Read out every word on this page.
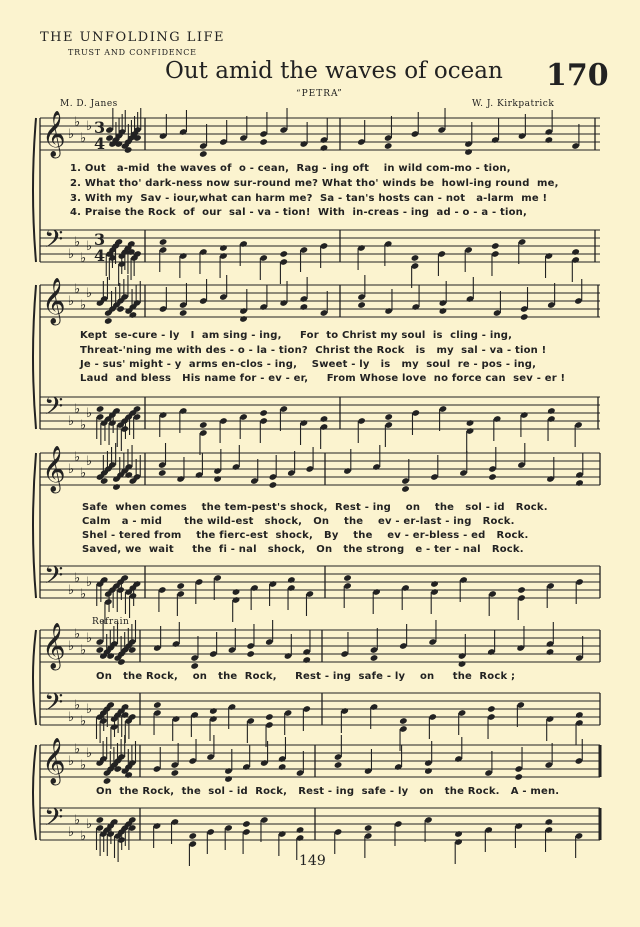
THE UNFOLDING LIFE
TRUST AND CONFIDENCE
Out amid the waves of ocean 170
“PETRA”
M. D. Janes	W. J. Kirkpatrick
𝄞
𝄢
♭
♭
♭
♭
♭
♭
♭
♭
3
4
3
4
𝄞
𝄢
♭
♭
♭
♭
♭
♭
♭
♭
𝄞
𝄢
♭
♭
♭
♭
♭
♭
♭
♭
𝄞
𝄢
♭
♭
♭
♭
♭
♭
♭
♭
𝄞
𝄢
♭
♭
♭
♭
♭
♭
♭
♭
1. Out   a-mid  the waves of  o - cean,  Rag - ing oft    in wild com-mo - tion,
2. What tho' dark-ness now sur-round me? What tho' winds be  howl-ing round  me,
3. With my  Sav - iour,what can harm me?  Sa - tan's hosts can - not   a-larm  me !
4. Praise the Rock  of  our  sal - va - tion!  With  in-creas - ing  ad - o - a - tion,
Kept  se-cure - ly   I  am sing - ing,     For  to Christ my soul  is  cling - ing,
Threat-'ning me with des - o - la - tion?  Christ the Rock   is   my  sal - va - tion !
Je - sus' might - y  arms en-clos - ing,    Sweet - ly   is   my  soul  re - pos - ing,
Laud  and bless   His name for - ev - er,     From Whose love  no force can  sev - er !
Safe  when comes    the tem-pest's shock,  Rest - ing    on    the   sol - id   Rock.
Calm   a - mid      the wild-est   shock,   On    the    ev - er-last - ing   Rock.
Shel - tered from    the fierc-est  shock,   By    the    ev - er-bless - ed   Rock.
Saved, we  wait     the  fi - nal   shock,   On   the strong   e - ter - nal   Rock.
Refrain
On   the Rock,    on   the  Rock,     Rest - ing  safe - ly    on     the  Rock ;
On  the Rock,  the  sol - id  Rock,   Rest - ing  safe - ly   on   the Rock.   A - men.
149
